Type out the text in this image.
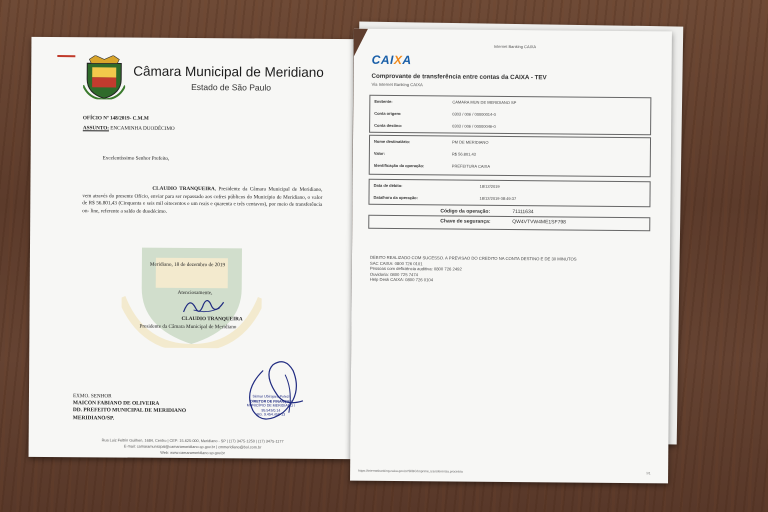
Câmara Municipal de Meridiano
Estado de São Paulo
OFÍCIO Nº 148/2019- C.M.M
ASSUNTO: ENCAMINHA DUODÉCIMO
Excelentíssimo Senhor Prefeito,
CLAUDIO TRANQUEIRA, Presidente da Câmara Municipal de Meridiano, vem através do presente Ofício, enviar para ser repassado aos cofres públicos do Município de Meridiano, o valor de R$ 56.801,43 (Cinquenta e seis mil oitocentos e um reais e quarenta e três centavos), por meio de transferência on- line, referente a saldo de duodécimo.
Meridiano, 18 de dezembro de 2019
Atenciosamente,
CLAUDIO TRANQUEIRA
Presidente da Câmara Municipal de Meridiano
EXMO. SENHOR
MAICON FABIANO DE OLIVEIRA
DD. PREFEITO MUNICIPAL DE MERIDIANO
MERIDIANO/SP.
Sêmar Ubirajara Polezi
DIRETOR DE FINANÇAS
MUNICÍPIO DE MERIDIANO / 95.543/0.14
RG. 9.454.458-13
Rua Luiz Feltrin Guilhen, 1684, Centro | CEP: 15.625-000, Meridiano - SP | (17) 3475-1250 | (17) 3475-1177
E-mail: camaramunicipal@camarameridiano.sp.gov.br | cmmeridiano@bol.com.br
Web: www.camarameridiano.sp.gov.br
Internet Banking CAIXA
CAIXA
Comprovante de transferência entre contas da CAIXA - TEV
Via Internet Banking CAIXA
Emitente:	CAMARA MUN DE MERIDIANO SP
Conta origem:	0303 / 006 / 00000014-0
Conta destino:	0303 / 006 / 00000046-0
Nome destinatário:	PM DE MERIDIANO
Valor:	R$ 56.801,43
Identificação da operação:	PREFEITURA CAIXA
Data de débito:	18/12/2019
Data/hora da operação:	18/12/2019 08:49:37
Código da operação:	71111634
Chave de segurança:	QW4VTVW4ME1SF798
DEBITO REALIZADO COM SUCESSO. A PREVISAO DO CREDITO NA CONTA DESTINO E DE 30 MINUTOS
SAC CAIXA: 0800 726 0101
Pessoas com deficiência auditiva: 0800 726 2492
Ouvidoria: 0800 725 7474
Help Desk CAIXA: 0800 726 0104
https://internetbanking.caixa.gov.br/SIIBC/imprime_transferencia.processa	1/1
